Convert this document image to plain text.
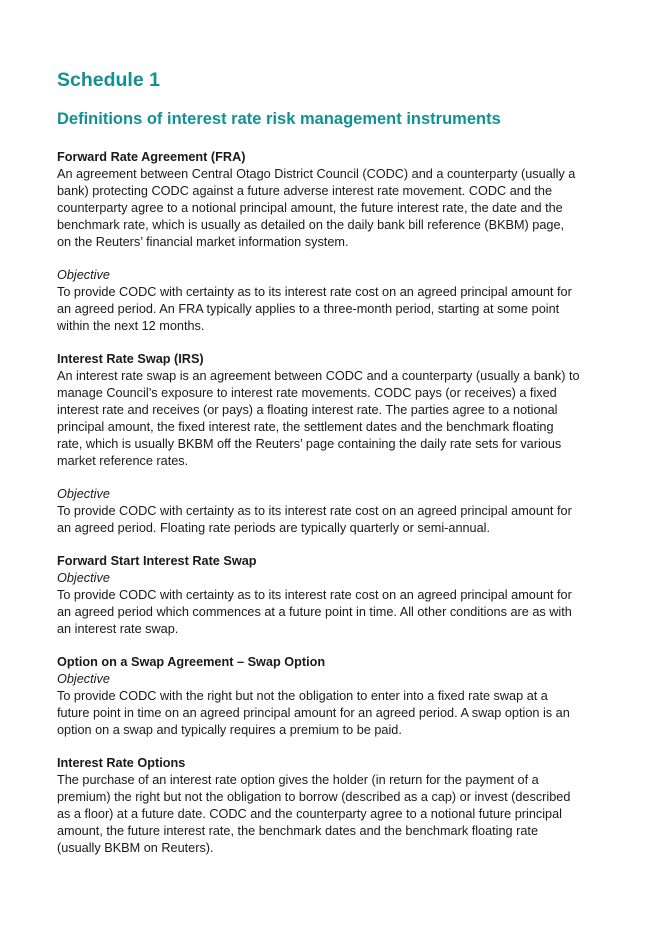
Schedule 1
Definitions of interest rate risk management instruments

Forward Rate Agreement (FRA)

An agreement between Central Otago District Council (CODC) and a counterparty (usually a
bank) protecting CODC against a future adverse interest rate movement. CODC and the
counterparty agree to a notional principal amount, the future interest rate, the date and the
benchmark rate, which is usually as detailed on the daily bank bill reference (BKBM) page,
on the Reuters’ financial market information system.

Objective

To provide CODC with certainty as to its interest rate cost on an agreed principal amount for
an agreed period. An FRA typically applies to a three-month period, starting at some point
within the next 12 months.

Interest Rate Swap (IRS)

An interest rate swap is an agreement between CODC and a counterparty (usually a bank) to
manage Council’s exposure to interest rate movements. CODC pays (or receives) a fixed
interest rate and receives (or pays) a floating interest rate. The parties agree to a notional
principal amount, the fixed interest rate, the settlement dates and the benchmark floating
rate, which is usually BKBM off the Reuters’ page containing the daily rate sets for various
market reference rates.

Objective

To provide CODC with certainty as to its interest rate cost on an agreed principal amount for
an agreed period. Floating rate periods are typically quarterly or semi-annual.

Forward Start Interest Rate Swap

Objective

To provide CODC with certainty as to its interest rate cost on an agreed principal amount for
an agreed period which commences at a future point in time. All other conditions are as with
an interest rate swap.

Option on a Swap Agreement – Swap Option

Objective

To provide CODC with the right but not the obligation to enter into a fixed rate swap at a
future point in time on an agreed principal amount for an agreed period. A swap option is an
option on a swap and typically requires a premium to be paid.

Interest Rate Options

The purchase of an interest rate option gives the holder (in return for the payment of a
premium) the right but not the obligation to borrow (described as a cap) or invest (described
as a floor) at a future date. CODC and the counterparty agree to a notional future principal
amount, the future interest rate, the benchmark dates and the benchmark floating rate
(usually BKBM on Reuters).
